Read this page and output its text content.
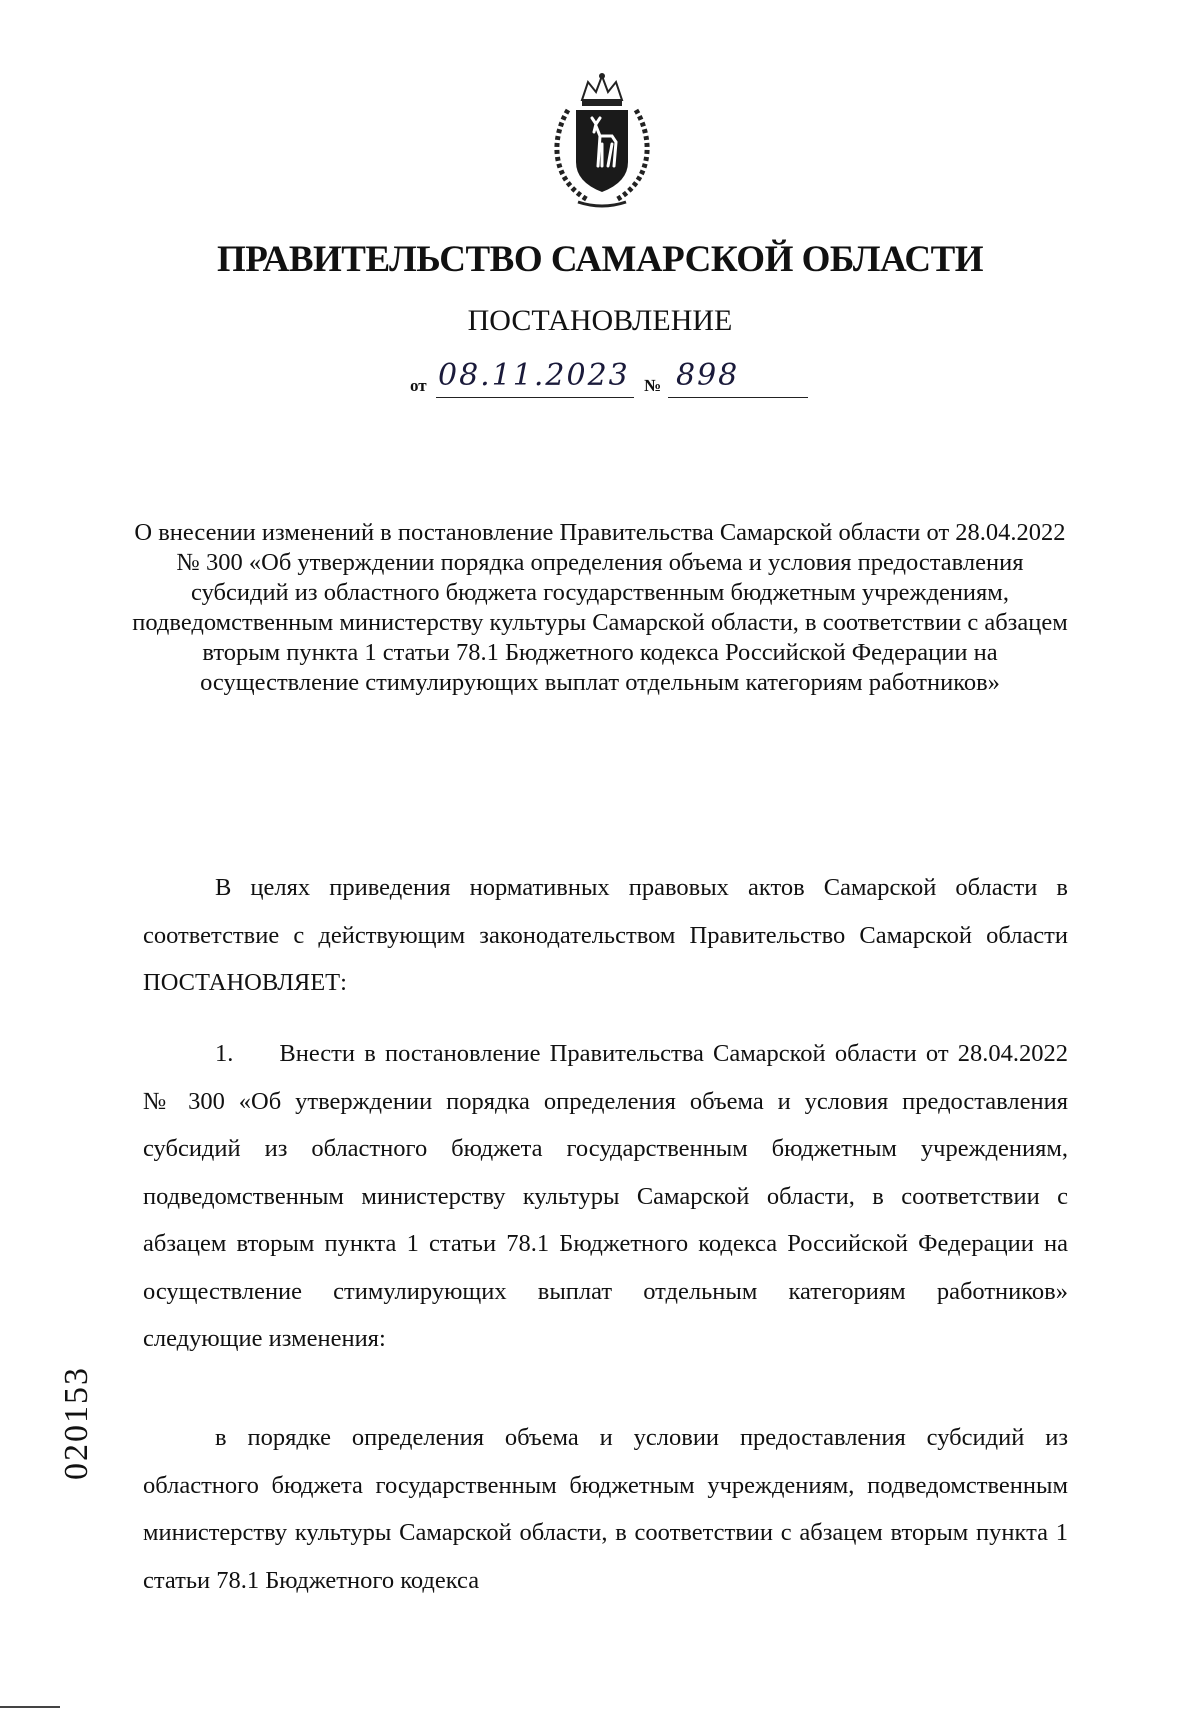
ПРАВИТЕЛЬСТВО САМАРСКОЙ ОБЛАСТИ
ПОСТАНОВЛЕНИЕ
от 08.11.2023 № 898
О внесении изменений в постановление Правительства Самарской области от 28.04.2022 № 300 «Об утверждении порядка определения объема и условия предоставления субсидий из областного бюджета государственным бюджетным учреждениям, подведомственным министерству культуры Самарской области, в соответствии с абзацем вторым пункта 1 статьи 78.1 Бюджетного кодекса Российской Федерации на осуществление стимулирующих выплат отдельным категориям работников»
В целях приведения нормативных правовых актов Самарской области в соответствие с действующим законодательством Правительство Самарской области ПОСТАНОВЛЯЕТ:
1. Внести в постановление Правительства Самарской области от 28.04.2022 № 300 «Об утверждении порядка определения объема и условия предоставления субсидий из областного бюджета государственным бюджетным учреждениям, подведомственным министерству культуры Самарской области, в соответствии с абзацем вторым пункта 1 статьи 78.1 Бюджетного кодекса Российской Федерации на осуществление стимулирующих выплат отдельным категориям работников» следующие изменения:
в порядке определения объема и условии предоставления субсидий из областного бюджета государственным бюджетным учреждениям, подведомственным министерству культуры Самарской области, в соответствии с абзацем вторым пункта 1 статьи 78.1 Бюджетного кодекса
020153
